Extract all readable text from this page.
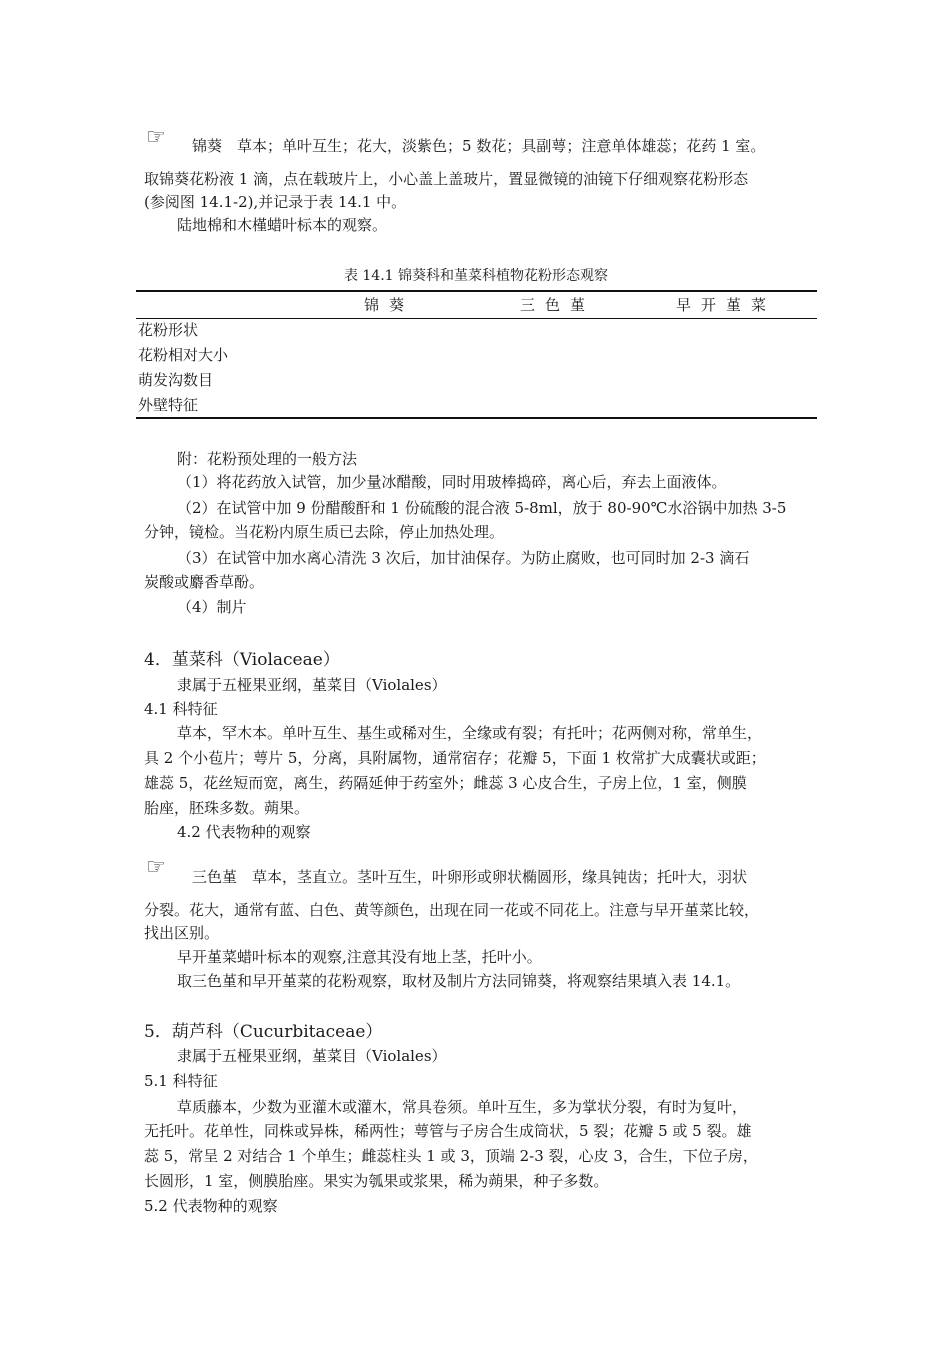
☞ 锦葵　草本；单叶互生；花大，淡紫色；5 数花；具副萼；注意单体雄蕊；花药 1 室。
取锦葵花粉液 1 滴，点在载玻片上，小心盖上盖玻片，置显微镜的油镜下仔细观察花粉形态
(参阅图 14.1-2),并记录于表 14.1 中。
陆地棉和木槿蜡叶标本的观察。
表 14.1 锦葵科和堇菜科植物花粉形态观察
锦葵	三色堇	早开堇菜
花粉形状
花粉相对大小
萌发沟数目
外壁特征
附：花粉预处理的一般方法
（1）将花药放入试管，加少量冰醋酸，同时用玻棒捣碎，离心后，弃去上面液体。
（2）在试管中加 9 份醋酸酐和 1 份硫酸的混合液 5-8ml，放于 80-90℃水浴锅中加热 3-5
分钟，镜检。当花粉内原生质已去除，停止加热处理。
（3）在试管中加水离心清洗 3 次后，加甘油保存。为防止腐败，也可同时加 2-3 滴石
炭酸或麝香草酚。
（4）制片
4．堇菜科（Violaceae）
隶属于五桠果亚纲，堇菜目（Violales）
4.1 科特征
草本，罕木本。单叶互生、基生或稀对生，全缘或有裂；有托叶；花两侧对称，常单生，
具 2 个小苞片；萼片 5，分离，具附属物，通常宿存；花瓣 5，下面 1 枚常扩大成囊状或距；
雄蕊 5，花丝短而宽，离生，药隔延伸于药室外；雌蕊 3 心皮合生，子房上位，1 室，侧膜
胎座，胚珠多数。蒴果。
4.2 代表物种的观察
☞ 三色堇　草本，茎直立。茎叶互生，叶卵形或卵状椭圆形，缘具钝齿；托叶大，羽状
分裂。花大，通常有蓝、白色、黄等颜色，出现在同一花或不同花上。注意与早开堇菜比较，
找出区别。
早开堇菜蜡叶标本的观察,注意其没有地上茎，托叶小。
取三色堇和早开堇菜的花粉观察，取材及制片方法同锦葵，将观察结果填入表 14.1。
5．葫芦科（Cucurbitaceae）
隶属于五桠果亚纲，堇菜目（Violales）
5.1 科特征
草质藤本，少数为亚灌木或灌木，常具卷须。单叶互生，多为掌状分裂，有时为复叶，
无托叶。花单性，同株或异株，稀两性；萼管与子房合生成筒状，5 裂；花瓣 5 或 5 裂。雄
蕊 5，常呈 2 对结合 1 个单生；雌蕊柱头 1 或 3，顶端 2-3 裂，心皮 3，合生，下位子房，
长圆形，1 室，侧膜胎座。果实为瓠果或浆果，稀为蒴果，种子多数。
5.2 代表物种的观察
